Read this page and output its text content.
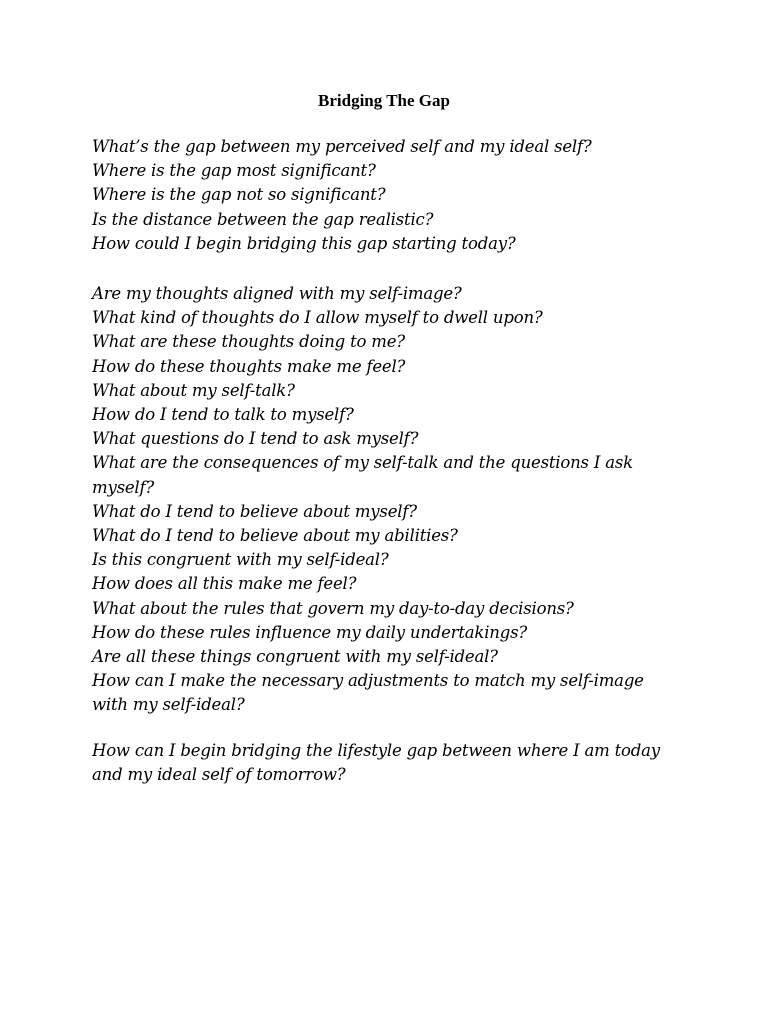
Bridging The Gap
What’s the gap between my perceived self and my ideal self?
Where is the gap most significant?
Where is the gap not so significant?
Is the distance between the gap realistic?
How could I begin bridging this gap starting today?
Are my thoughts aligned with my self-image?
What kind of thoughts do I allow myself to dwell upon?
What are these thoughts doing to me?
How do these thoughts make me feel?
What about my self-talk?
How do I tend to talk to myself?
What questions do I tend to ask myself?
What are the consequences of my self-talk and the questions I ask
myself?
What do I tend to believe about myself?
What do I tend to believe about my abilities?
Is this congruent with my self-ideal?
How does all this make me feel?
What about the rules that govern my day-to-day decisions?
How do these rules influence my daily undertakings?
Are all these things congruent with my self-ideal?
How can I make the necessary adjustments to match my self-image
with my self-ideal?
How can I begin bridging the lifestyle gap between where I am today
and my ideal self of tomorrow?
